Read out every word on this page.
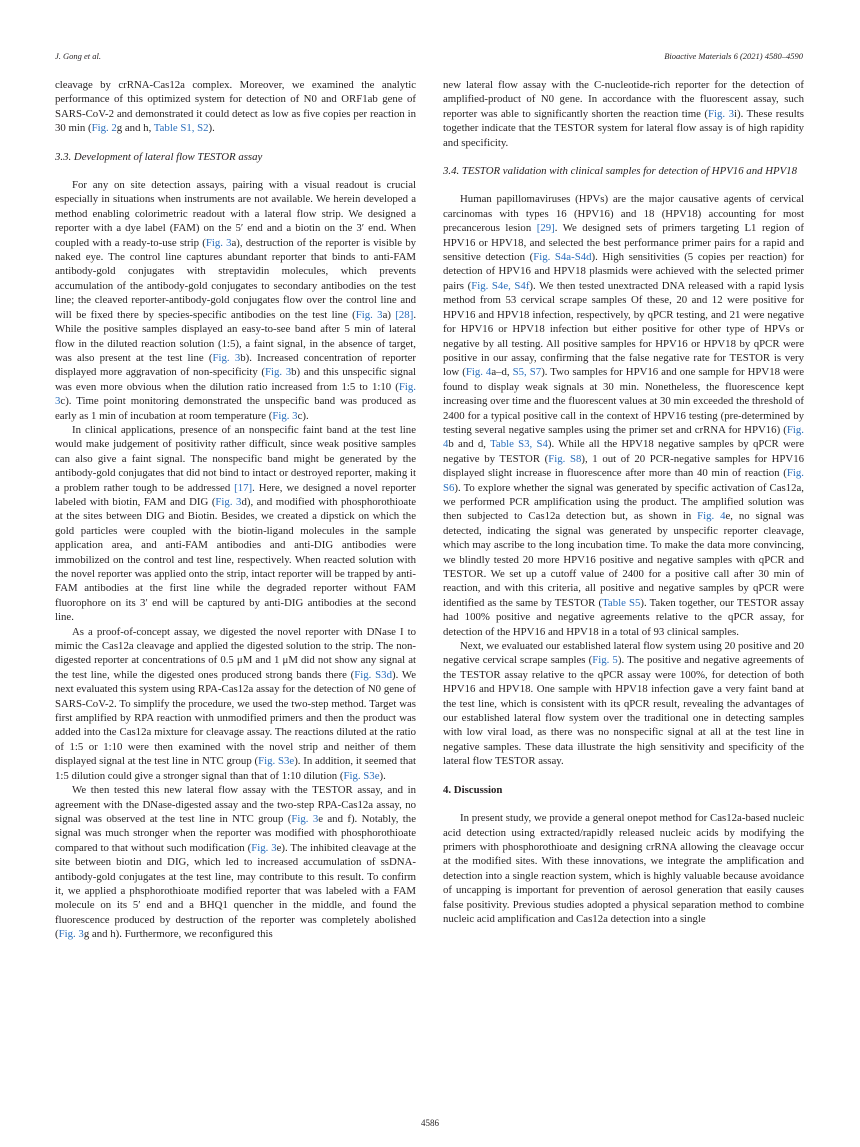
J. Gong et al.	Bioactive Materials 6 (2021) 4580–4590

cleavage by crRNA-Cas12a complex. Moreover, we examined the analytic performance of this optimized system for detection of N0 and ORF1ab gene of SARS-CoV-2 and demonstrated it could detect as low as five copies per reaction in 30 min (Fig. 2g and h, Table S1, S2).

3.3. Development of lateral flow TESTOR assay

For any on site detection assays, pairing with a visual readout is crucial especially in situations when instruments are not available. We herein developed a method enabling colorimetric readout with a lateral flow strip. We designed a reporter with a dye label (FAM) on the 5′ end and a biotin on the 3′ end. When coupled with a ready-to-use strip (Fig. 3a), destruction of the reporter is visible by naked eye. The control line captures abundant reporter that binds to anti-FAM antibody-gold conjugates with streptavidin molecules, which prevents accumulation of the antibody-gold conjugates to secondary antibodies on the test line; the cleaved reporter-antibody-gold conjugates flow over the control line and will be fixed there by species-specific antibodies on the test line (Fig. 3a) [28]. While the positive samples displayed an easy-to-see band after 5 min of lateral flow in the diluted reaction solution (1:5), a faint signal, in the absence of target, was also present at the test line (Fig. 3b). Increased concentration of reporter displayed more aggravation of non-specificity (Fig. 3b) and this unspecific signal was even more obvious when the dilution ratio increased from 1:5 to 1:10 (Fig. 3c). Time point monitoring demonstrated the unspecific band was produced as early as 1 min of incubation at room temperature (Fig. 3c).

In clinical applications, presence of an nonspecific faint band at the test line would make judgement of positivity rather difficult, since weak positive samples can also give a faint signal. The nonspecific band might be generated by the antibody-gold conjugates that did not bind to intact or destroyed reporter, making it a problem rather tough to be addressed [17]. Here, we designed a novel reporter labeled with biotin, FAM and DIG (Fig. 3d), and modified with phosphorothioate at the sites between DIG and Biotin. Besides, we created a dipstick on which the gold particles were coupled with the biotin-ligand molecules in the sample application area, and anti-FAM antibodies and anti-DIG antibodies were immobilized on the control and test line, respectively. When reacted solution with the novel reporter was applied onto the strip, intact reporter will be trapped by anti-FAM antibodies at the first line while the degraded reporter without FAM fluorophore on its 3′ end will be captured by anti-DIG antibodies at the second line.

As a proof-of-concept assay, we digested the novel reporter with DNase I to mimic the Cas12a cleavage and applied the digested solution to the strip. The non-digested reporter at concentrations of 0.5 μM and 1 μM did not show any signal at the test line, while the digested ones produced strong bands there (Fig. S3d). We next evaluated this system using RPA-Cas12a assay for the detection of N0 gene of SARS-CoV-2. To simplify the procedure, we used the two-step method. Target was first amplified by RPA reaction with unmodified primers and then the product was added into the Cas12a mixture for cleavage assay. The reactions diluted at the ratio of 1:5 or 1:10 were then examined with the novel strip and neither of them displayed signal at the test line in NTC group (Fig. S3e). In addition, it seemed that 1:5 dilution could give a stronger signal than that of 1:10 dilution (Fig. S3e).

We then tested this new lateral flow assay with the TESTOR assay, and in agreement with the DNase-digested assay and the two-step RPA-Cas12a assay, no signal was observed at the test line in NTC group (Fig. 3e and f). Notably, the signal was much stronger when the reporter was modified with phosphorothioate compared to that without such modification (Fig. 3e). The inhibited cleavage at the site between biotin and DIG, which led to increased accumulation of ssDNA-antibody-gold conjugates at the test line, may contribute to this result. To confirm it, we applied a phsphorothioate modified reporter that was labeled with a FAM molecule on its 5′ end and a BHQ1 quencher in the middle, and found the fluorescence produced by destruction of the reporter was completely abolished (Fig. 3g and h). Furthermore, we reconfigured this

new lateral flow assay with the C-nucleotide-rich reporter for the detection of amplified-product of N0 gene. In accordance with the fluorescent assay, such reporter was able to significantly shorten the reaction time (Fig. 3i). These results together indicate that the TESTOR system for lateral flow assay is of high rapidity and specificity.

3.4. TESTOR validation with clinical samples for detection of HPV16 and HPV18

Human papillomaviruses (HPVs) are the major causative agents of cervical carcinomas with types 16 (HPV16) and 18 (HPV18) accounting for most precancerous lesion [29]. We designed sets of primers targeting L1 region of HPV16 or HPV18, and selected the best performance primer pairs for a rapid and sensitive detection (Fig. S4a-S4d). High sensitivities (5 copies per reaction) for detection of HPV16 and HPV18 plasmids were achieved with the selected primer pairs (Fig. S4e, S4f). We then tested unextracted DNA released with a rapid lysis method from 53 cervical scrape samples Of these, 20 and 12 were positive for HPV16 and HPV18 infection, respectively, by qPCR testing, and 21 were negative for HPV16 or HPV18 infection but either positive for other type of HPVs or negative by all testing. All positive samples for HPV16 or HPV18 by qPCR were positive in our assay, confirming that the false negative rate for TESTOR is very low (Fig. 4a–d, S5, S7). Two samples for HPV16 and one sample for HPV18 were found to display weak signals at 30 min. Nonetheless, the fluorescence kept increasing over time and the fluorescent values at 30 min exceeded the threshold of 2400 for a typical positive call in the context of HPV16 testing (pre-determined by testing several negative samples using the primer set and crRNA for HPV16) (Fig. 4b and d, Table S3, S4). While all the HPV18 negative samples by qPCR were negative by TESTOR (Fig. S8), 1 out of 20 PCR-negative samples for HPV16 displayed slight increase in fluorescence after more than 40 min of reaction (Fig. S6). To explore whether the signal was generated by specific activation of Cas12a, we performed PCR amplification using the product. The amplified solution was then subjected to Cas12a detection but, as shown in Fig. 4e, no signal was detected, indicating the signal was generated by unspecific reporter cleavage, which may ascribe to the long incubation time. To make the data more convincing, we blindly tested 20 more HPV16 positive and negative samples with qPCR and TESTOR. We set up a cutoff value of 2400 for a positive call after 30 min of reaction, and with this criteria, all positive and negative samples by qPCR were identified as the same by TESTOR (Table S5). Taken together, our TESTOR assay had 100% positive and negative agreements relative to the qPCR assay, for detection of the HPV16 and HPV18 in a total of 93 clinical samples.

Next, we evaluated our established lateral flow system using 20 positive and 20 negative cervical scrape samples (Fig. 5). The positive and negative agreements of the TESTOR assay relative to the qPCR assay were 100%, for detection of both HPV16 and HPV18. One sample with HPV18 infection gave a very faint band at the test line, which is consistent with its qPCR result, revealing the advantages of our established lateral flow system over the traditional one in detecting samples with low viral load, as there was no nonspecific signal at all at the test line in negative samples. These data illustrate the high sensitivity and specificity of the lateral flow TESTOR assay.

4. Discussion

In present study, we provide a general onepot method for Cas12a-based nucleic acid detection using extracted/rapidly released nucleic acids by modifying the primers with phosphorothioate and designing crRNA allowing the cleavage occur at the modified sites. With these innovations, we integrate the amplification and detection into a single reaction system, which is highly valuable because avoidance of uncapping is important for prevention of aerosol generation that easily causes false positivity. Previous studies adopted a physical separation method to combine nucleic acid amplification and Cas12a detection into a single

4586
